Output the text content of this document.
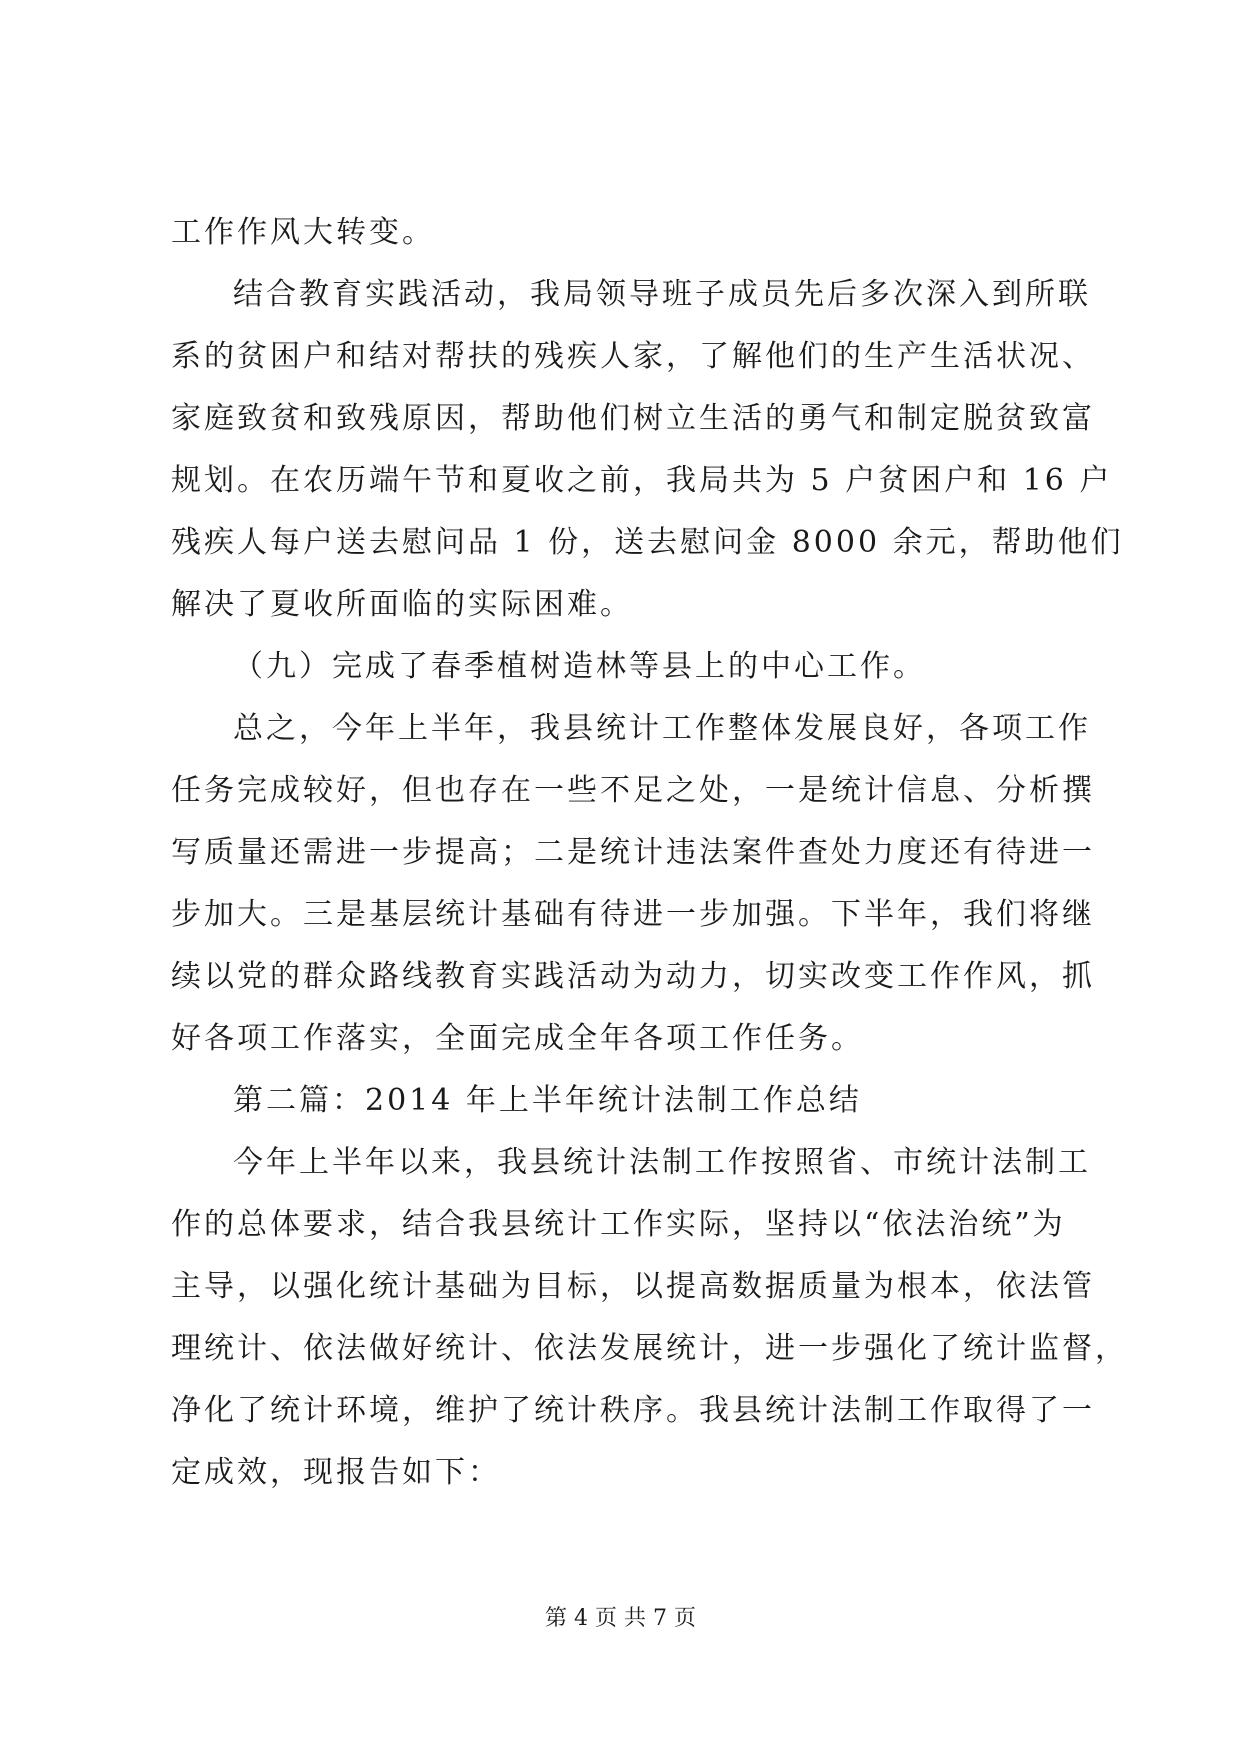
工作作风大转变。
结合教育实践活动，我局领导班子成员先后多次深入到所联
系的贫困户和结对帮扶的残疾人家，了解他们的生产生活状况、
家庭致贫和致残原因，帮助他们树立生活的勇气和制定脱贫致富
规划。在农历端午节和夏收之前，我局共为 5 户贫困户和 16 户
残疾人每户送去慰问品 1 份，送去慰问金 8000 余元，帮助他们
解决了夏收所面临的实际困难。
（九）完成了春季植树造林等县上的中心工作。
总之，今年上半年，我县统计工作整体发展良好，各项工作
任务完成较好，但也存在一些不足之处，一是统计信息、分析撰
写质量还需进一步提高；二是统计违法案件查处力度还有待进一
步加大。三是基层统计基础有待进一步加强。下半年，我们将继
续以党的群众路线教育实践活动为动力，切实改变工作作风，抓
好各项工作落实，全面完成全年各项工作任务。
第二篇：2014 年上半年统计法制工作总结
今年上半年以来，我县统计法制工作按照省、市统计法制工
作的总体要求，结合我县统计工作实际，坚持以“依法治统”为
主导，以强化统计基础为目标，以提高数据质量为根本，依法管
理统计、依法做好统计、依法发展统计，进一步强化了统计监督，
净化了统计环境，维护了统计秩序。我县统计法制工作取得了一
定成效，现报告如下：
第 4 页 共 7 页
